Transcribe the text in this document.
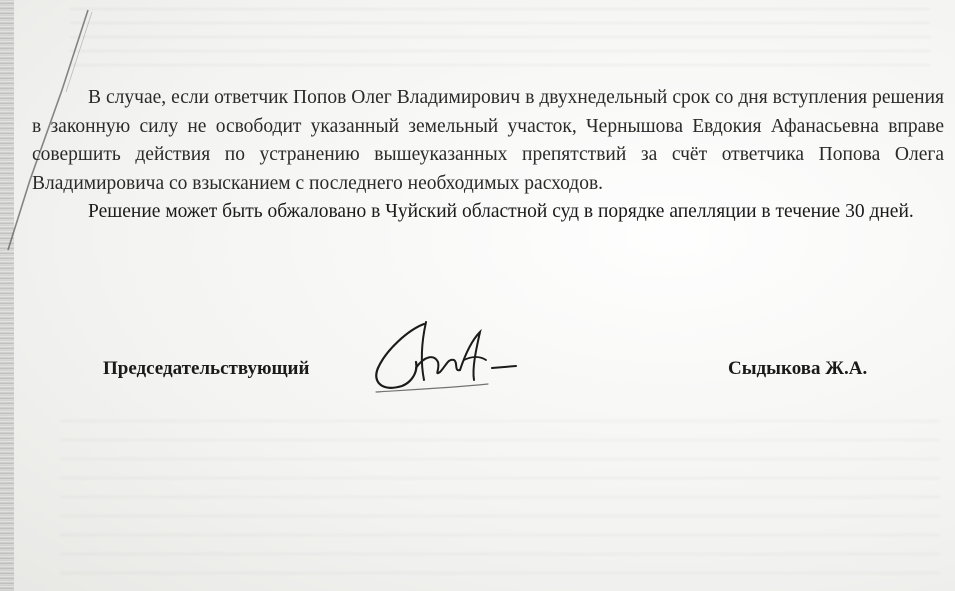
В случае, если ответчик Попов Олег Владимирович в двухнедельный срок со дня вступления решения в законную силу не освободит указанный земельный участок, Чернышова Евдокия Афанасьевна вправе совершить действия по устранению вышеуказанных препятствий за счёт ответчика Попова Олега Владимировича со взысканием с последнего необходимых расходов.

Решение может быть обжаловано в Чуйский областной суд в порядке апелляции в течение 30 дней.

Председательствующий	Сыдыкова Ж.А.
